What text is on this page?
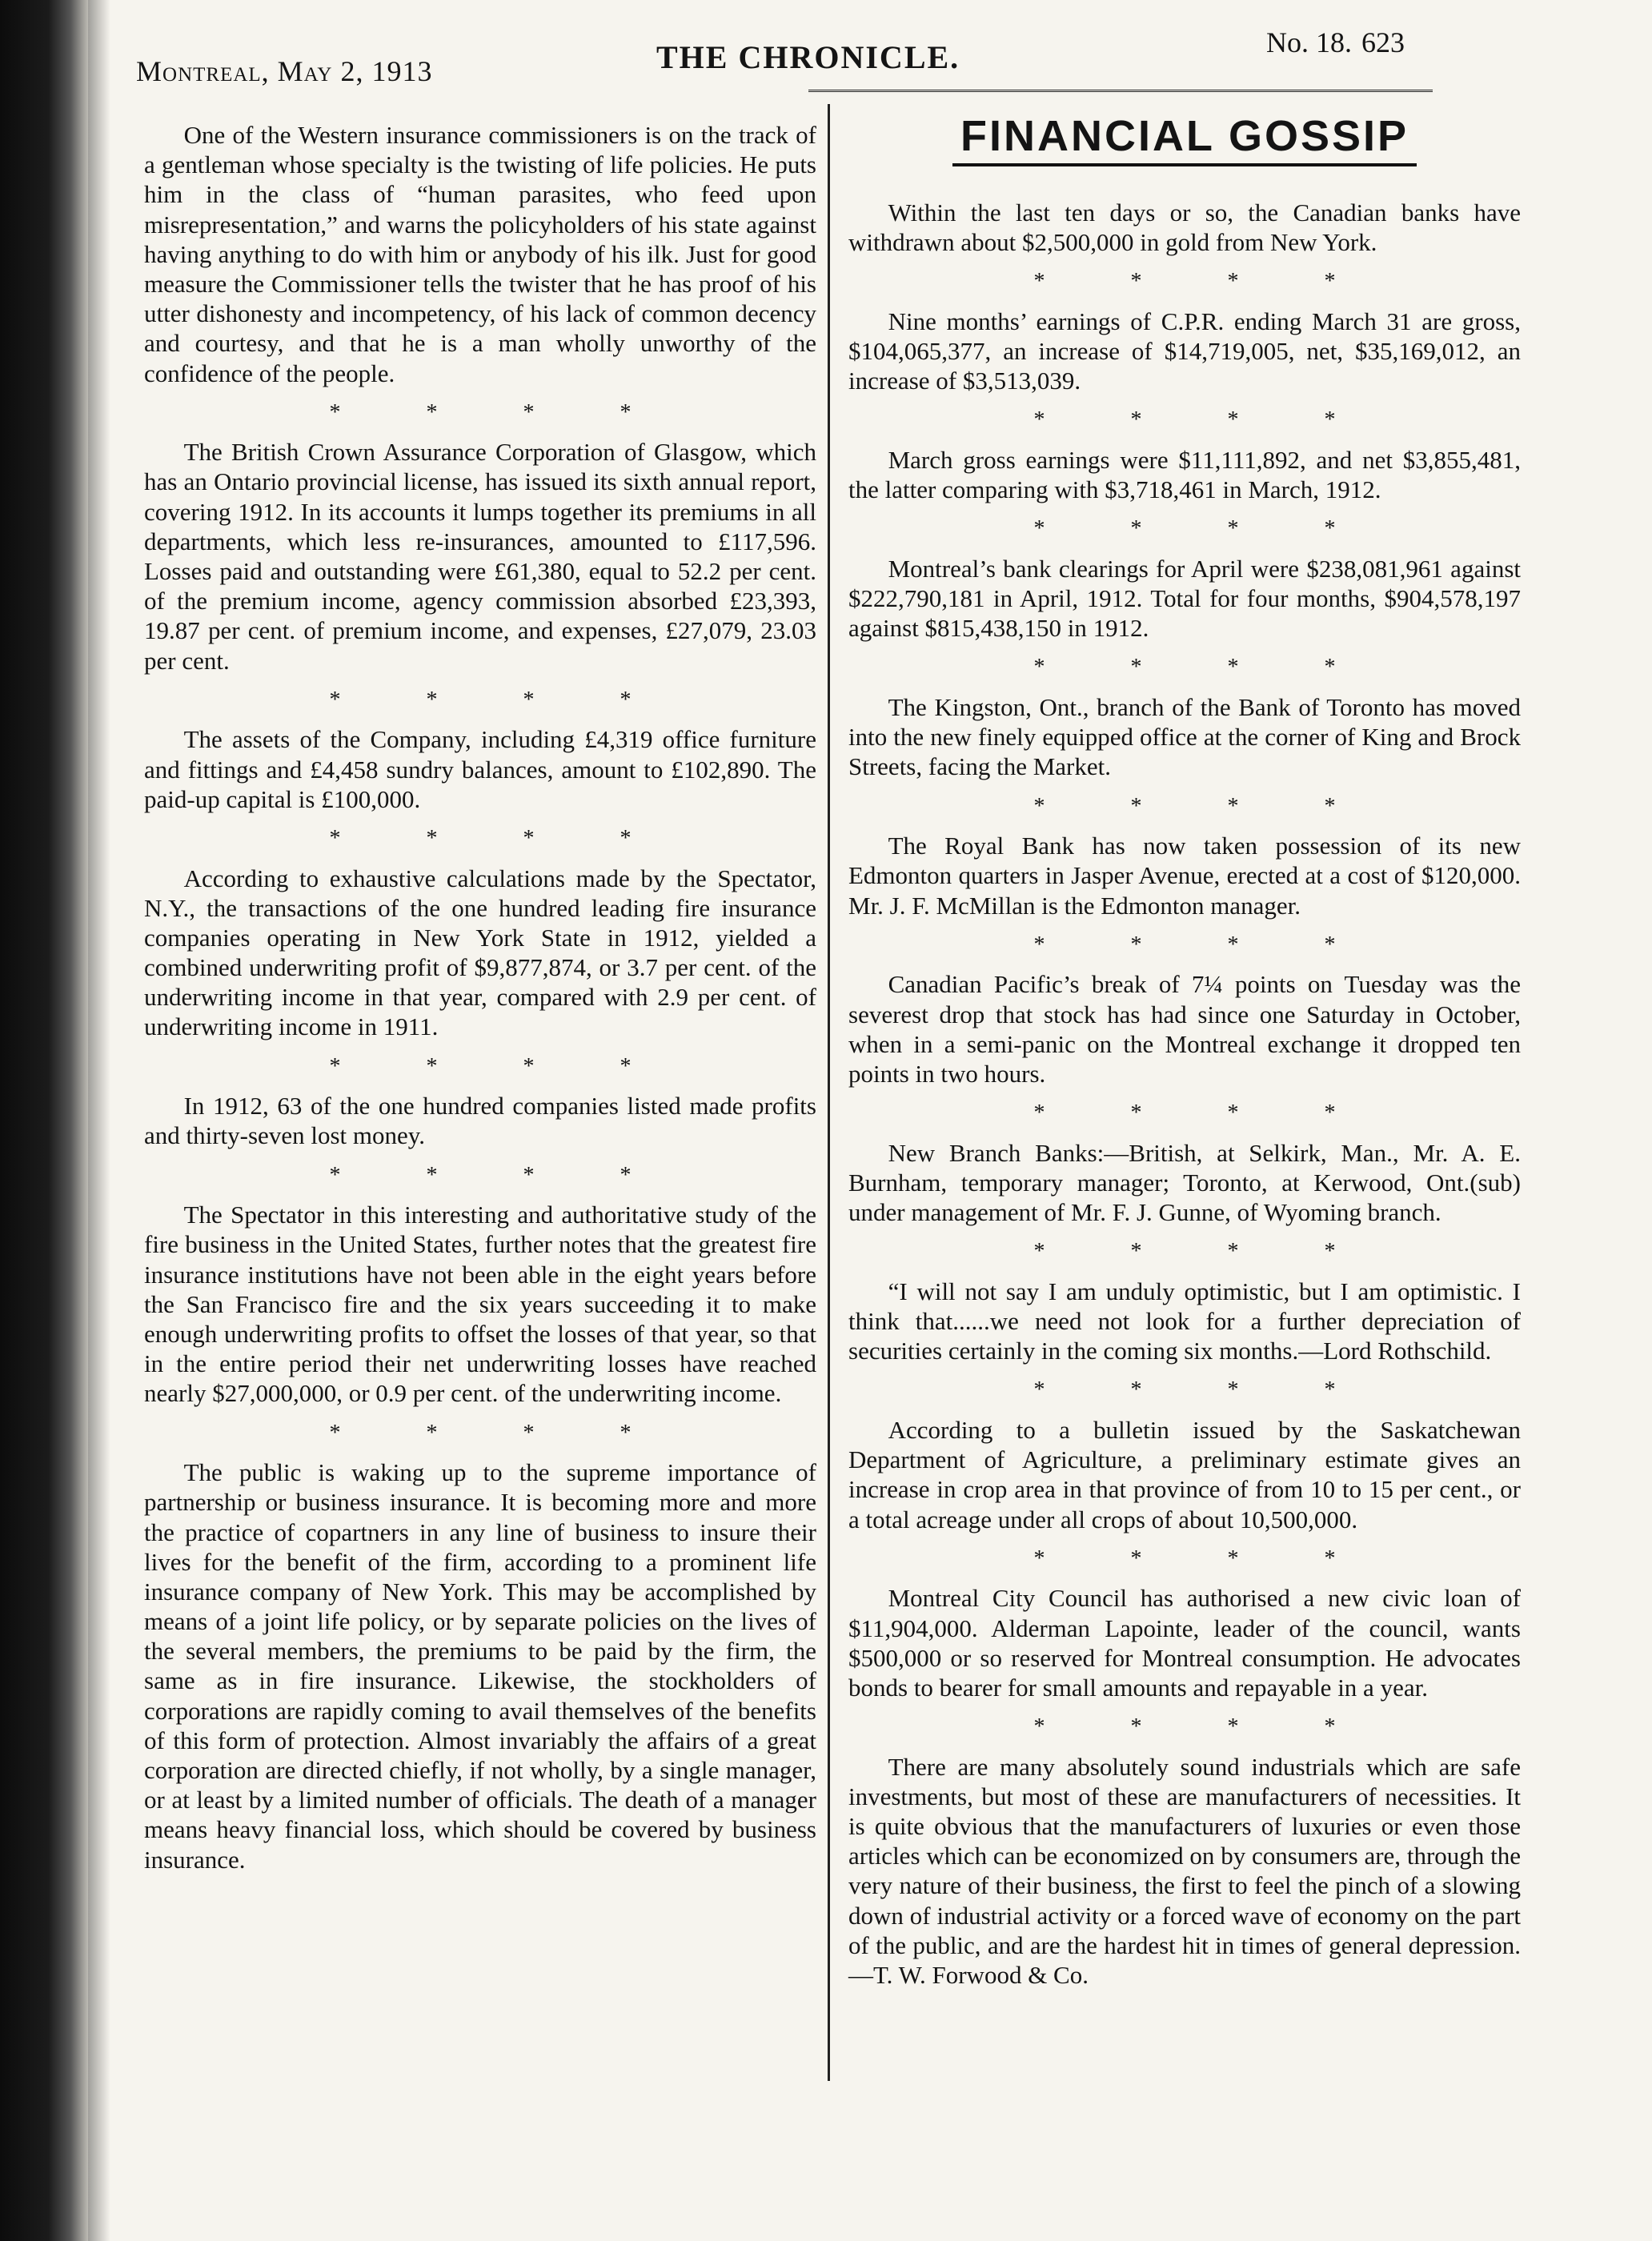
Montreal, May 2, 1913	THE CHRONICLE.	No. 18. 623

One of the Western insurance commissioners is on the track of a gentleman whose specialty is the twisting of life policies. He puts him in the class of “human parasites, who feed upon misrepresentation,” and warns the policyholders of his state against having anything to do with him or anybody of his ilk. Just for good measure the Commissioner tells the twister that he has proof of his utter dishonesty and incompetency, of his lack of common decency and courtesy, and that he is a man wholly unworthy of the confidence of the people.

* * * *

The British Crown Assurance Corporation of Glasgow, which has an Ontario provincial license, has issued its sixth annual report, covering 1912. In its accounts it lumps together its premiums in all departments, which less re-insurances, amounted to £117,596. Losses paid and outstanding were £61,380, equal to 52.2 per cent. of the premium income, agency commission absorbed £23,393, 19.87 per cent. of premium income, and expenses, £27,079, 23.03 per cent.

* * * *

The assets of the Company, including £4,319 office furniture and fittings and £4,458 sundry balances, amount to £102,890. The paid-up capital is £100,000.

* * * *

According to exhaustive calculations made by the Spectator, N.Y., the transactions of the one hundred leading fire insurance companies operating in New York State in 1912, yielded a combined underwriting profit of $9,877,874, or 3.7 per cent. of the underwriting income in that year, compared with 2.9 per cent. of underwriting income in 1911.

* * * *

In 1912, 63 of the one hundred companies listed made profits and thirty-seven lost money.

* * * *

The Spectator in this interesting and authoritative study of the fire business in the United States, further notes that the greatest fire insurance institutions have not been able in the eight years before the San Francisco fire and the six years succeeding it to make enough underwriting profits to offset the losses of that year, so that in the entire period their net underwriting losses have reached nearly $27,000,000, or 0.9 per cent. of the underwriting income.

* * * *

The public is waking up to the supreme importance of partnership or business insurance. It is becoming more and more the practice of copartners in any line of business to insure their lives for the benefit of the firm, according to a prominent life insurance company of New York. This may be accomplished by means of a joint life policy, or by separate policies on the lives of the several members, the premiums to be paid by the firm, the same as in fire insurance. Likewise, the stockholders of corporations are rapidly coming to avail themselves of the benefits of this form of protection. Almost invariably the affairs of a great corporation are directed chiefly, if not wholly, by a single manager, or at least by a limited number of officials. The death of a manager means heavy financial loss, which should be covered by business insurance.

FINANCIAL GOSSIP

Within the last ten days or so, the Canadian banks have withdrawn about $2,500,000 in gold from New York.

* * * *

Nine months’ earnings of C.P.R. ending March 31 are gross, $104,065,377, an increase of $14,719,005, net, $35,169,012, an increase of $3,513,039.

* * * *

March gross earnings were $11,111,892, and net $3,855,481, the latter comparing with $3,718,461 in March, 1912.

* * * *

Montreal’s bank clearings for April were $238,081,961 against $222,790,181 in April, 1912. Total for four months, $904,578,197 against $815,438,150 in 1912.

* * * *

The Kingston, Ont., branch of the Bank of Toronto has moved into the new finely equipped office at the corner of King and Brock Streets, facing the Market.

* * * *

The Royal Bank has now taken possession of its new Edmonton quarters in Jasper Avenue, erected at a cost of $120,000. Mr. J. F. McMillan is the Edmonton manager.

* * * *

Canadian Pacific’s break of 7¼ points on Tuesday was the severest drop that stock has had since one Saturday in October, when in a semi-panic on the Montreal exchange it dropped ten points in two hours.

* * * *

New Branch Banks:—British, at Selkirk, Man., Mr. A. E. Burnham, temporary manager; Toronto, at Kerwood, Ont.(sub) under management of Mr. F. J. Gunne, of Wyoming branch.

* * * *

“I will not say I am unduly optimistic, but I am optimistic. I think that......we need not look for a further depreciation of securities certainly in the coming six months.—Lord Rothschild.

* * * *

According to a bulletin issued by the Saskatchewan Department of Agriculture, a preliminary estimate gives an increase in crop area in that province of from 10 to 15 per cent., or a total acreage under all crops of about 10,500,000.

* * * *

Montreal City Council has authorised a new civic loan of $11,904,000. Alderman Lapointe, leader of the council, wants $500,000 or so reserved for Montreal consumption. He advocates bonds to bearer for small amounts and repayable in a year.

* * * *

There are many absolutely sound industrials which are safe investments, but most of these are manufacturers of necessities. It is quite obvious that the manufacturers of luxuries or even those articles which can be economized on by consumers are, through the very nature of their business, the first to feel the pinch of a slowing down of industrial activity or a forced wave of economy on the part of the public, and are the hardest hit in times of general depression.—T. W. Forwood & Co.
